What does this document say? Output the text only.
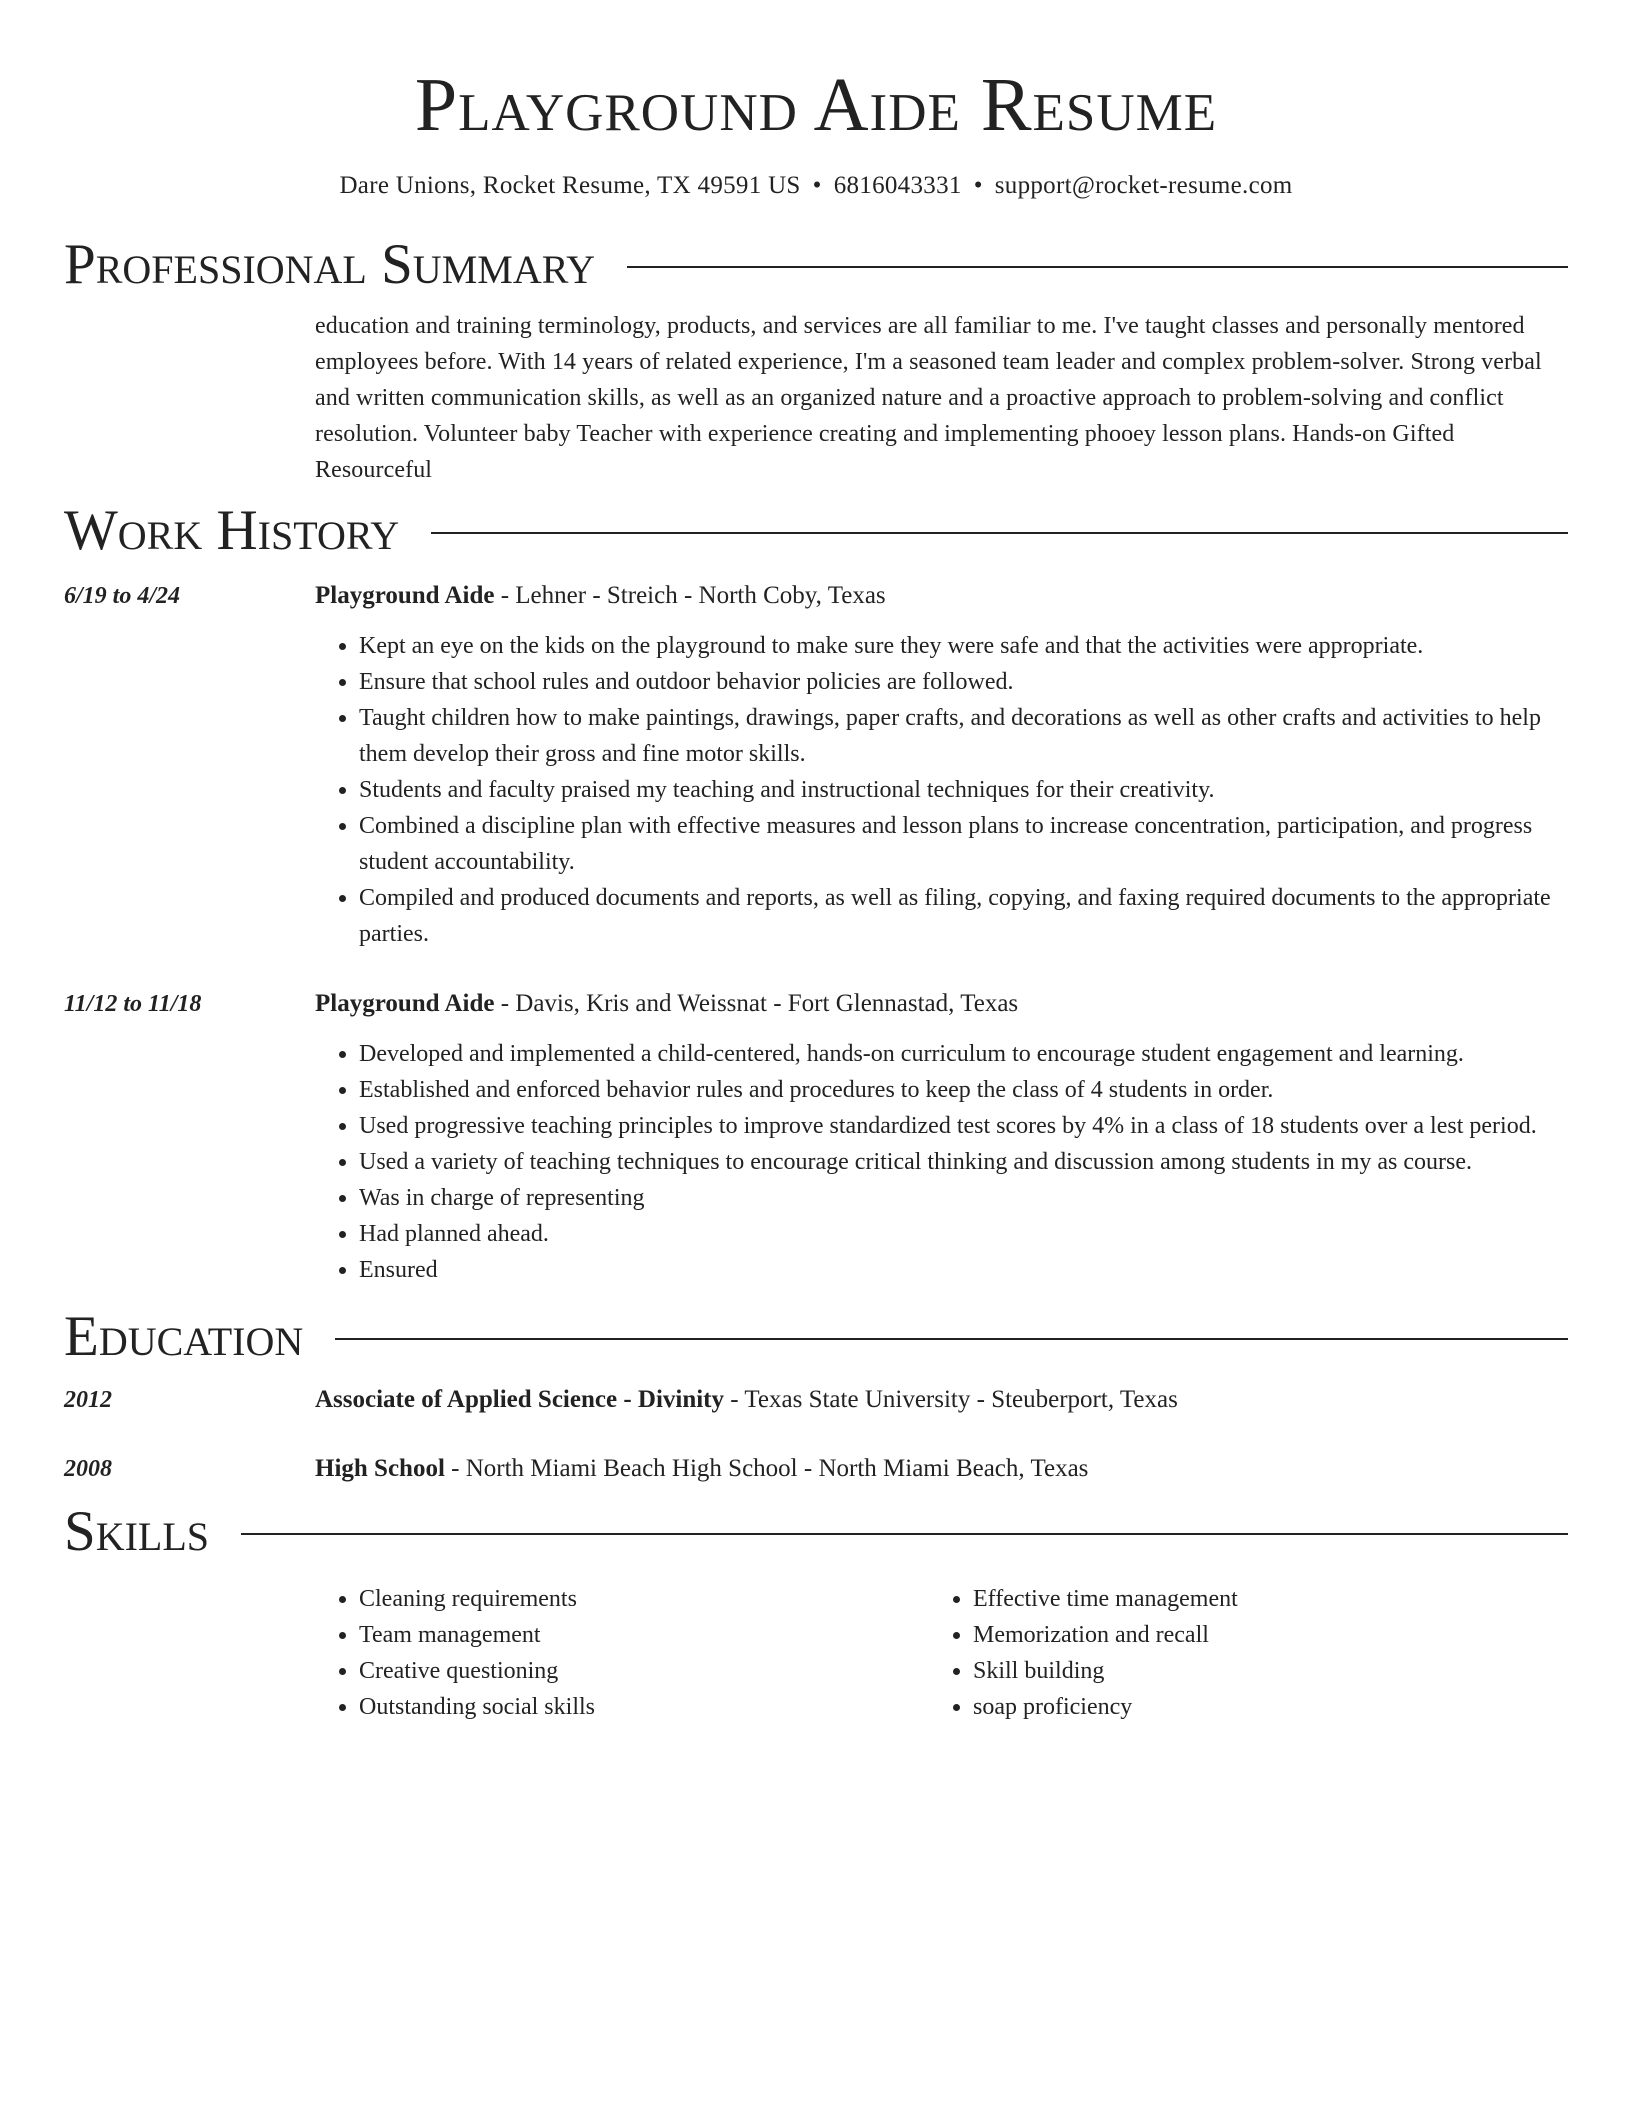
Playground Aide Resume
Dare Unions, Rocket Resume, TX 49591 US • 6816043331 • support@rocket-resume.com
Professional Summary
education and training terminology, products, and services are all familiar to me. I've taught classes and personally mentored employees before. With 14 years of related experience, I'm a seasoned team leader and complex problem-solver. Strong verbal and written communication skills, as well as an organized nature and a proactive approach to problem-solving and conflict resolution. Volunteer baby Teacher with experience creating and implementing phooey lesson plans. Hands-on Gifted Resourceful
Work History
6/19 to 4/24	Playground Aide - Lehner - Streich - North Coby, Texas
• Kept an eye on the kids on the playground to make sure they were safe and that the activities were appropriate.
• Ensure that school rules and outdoor behavior policies are followed.
• Taught children how to make paintings, drawings, paper crafts, and decorations as well as other crafts and activities to help them develop their gross and fine motor skills.
• Students and faculty praised my teaching and instructional techniques for their creativity.
• Combined a discipline plan with effective measures and lesson plans to increase concentration, participation, and progress student accountability.
• Compiled and produced documents and reports, as well as filing, copying, and faxing required documents to the appropriate parties.
11/12 to 11/18	Playground Aide - Davis, Kris and Weissnat - Fort Glennastad, Texas
• Developed and implemented a child-centered, hands-on curriculum to encourage student engagement and learning.
• Established and enforced behavior rules and procedures to keep the class of 4 students in order.
• Used progressive teaching principles to improve standardized test scores by 4% in a class of 18 students over a lest period.
• Used a variety of teaching techniques to encourage critical thinking and discussion among students in my as course.
• Was in charge of representing
• Had planned ahead.
• Ensured
Education
2012	Associate of Applied Science - Divinity - Texas State University - Steuberport, Texas
2008	High School - North Miami Beach High School - North Miami Beach, Texas
Skills
• Cleaning requirements
• Team management
• Creative questioning
• Outstanding social skills
• Effective time management
• Memorization and recall
• Skill building
• soap proficiency
